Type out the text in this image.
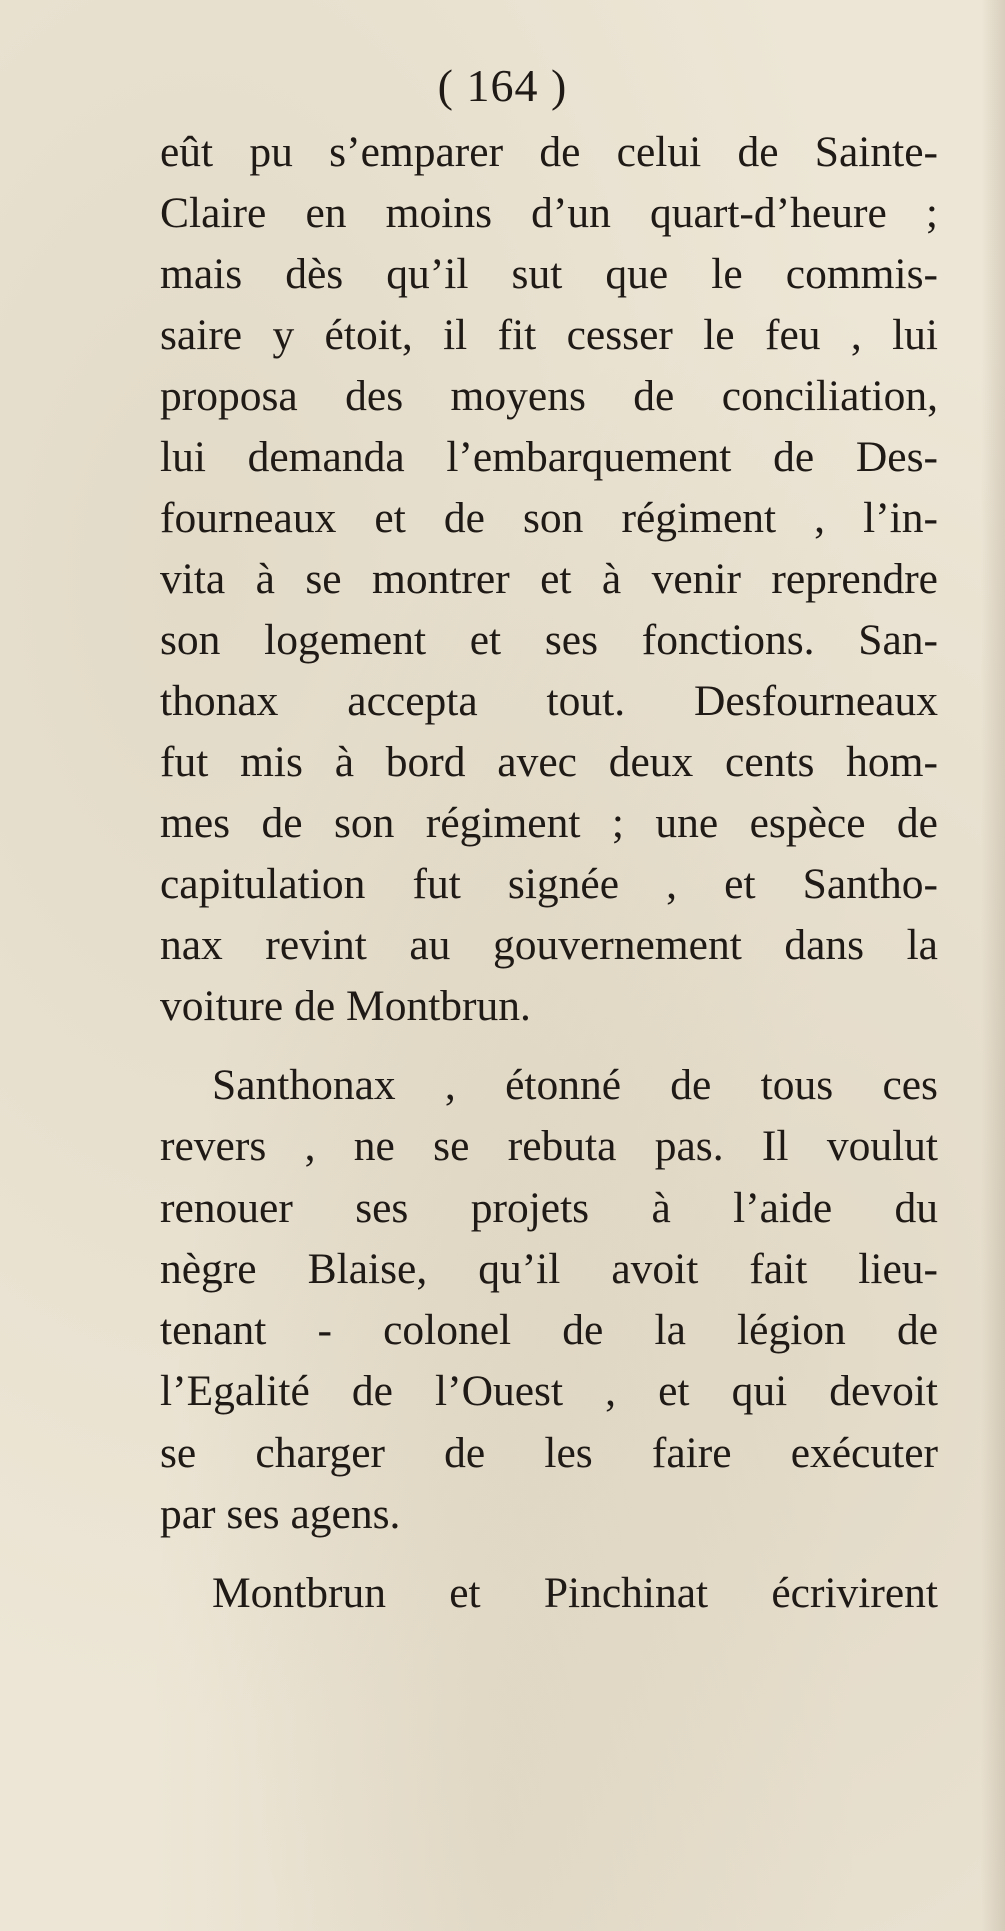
( 164 )
eût pu s’emparer de celui de Sainte-
Claire en moins d’un quart-d’heure ;
mais dès qu’il sut que le commis-
saire y étoit, il fit cesser le feu , lui
proposa des moyens de conciliation,
lui demanda l’embarquement de Des-
fourneaux et de son régiment , l’in-
vita à se montrer et à venir reprendre
son logement et ses fonctions. San-
thonax accepta tout. Desfourneaux
fut mis à bord avec deux cents hom-
mes de son régiment ; une espèce de
capitulation fut signée , et Santho-
nax revint au gouvernement dans la
voiture de Montbrun.
Santhonax , étonné de tous ces
revers , ne se rebuta pas. Il voulut
renouer ses projets à l’aide du
nègre Blaise, qu’il avoit fait lieu-
tenant - colonel de la légion de
l’Egalité de l’Ouest , et qui devoit
se charger de les faire exécuter
par ses agens.
Montbrun et Pinchinat écrivirent
